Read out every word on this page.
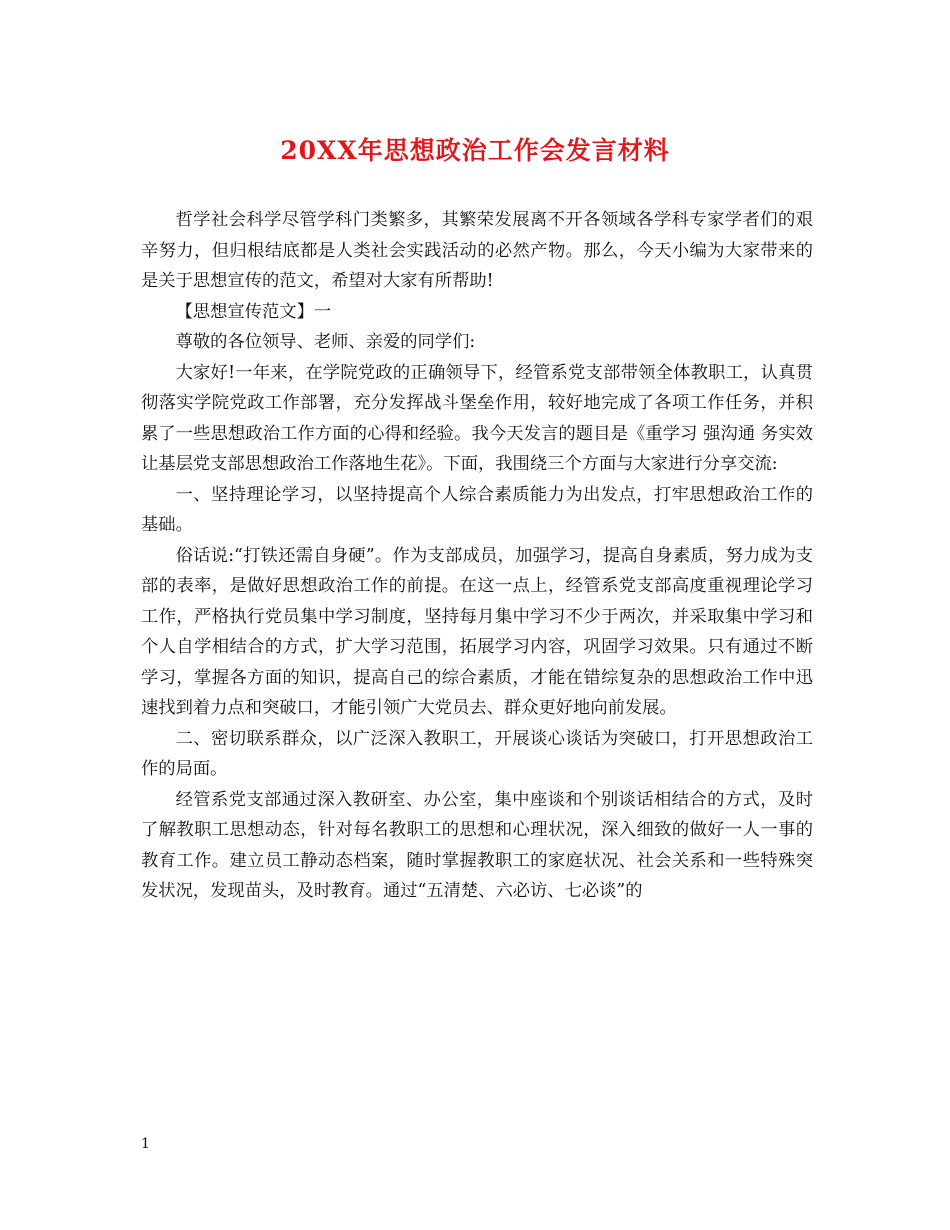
20XX年思想政治工作会发言材料

哲学社会科学尽管学科门类繁多，其繁荣发展离不开各领域各学科专家学者们的艰辛努力，但归根结底都是人类社会实践活动的必然产物。那么，今天小编为大家带来的是关于思想宣传的范文，希望对大家有所帮助!

【思想宣传范文】一

尊敬的各位领导、老师、亲爱的同学们:

大家好!一年来，在学院党政的正确领导下，经管系党支部带领全体教职工，认真贯彻落实学院党政工作部署，充分发挥战斗堡垒作用，较好地完成了各项工作任务，并积累了一些思想政治工作方面的心得和经验。我今天发言的题目是《重学习 强沟通 务实效 让基层党支部思想政治工作落地生花》。下面，我围绕三个方面与大家进行分享交流:

一、坚持理论学习，以坚持提高个人综合素质能力为出发点，打牢思想政治工作的基础。

俗话说:“打铁还需自身硬”。作为支部成员，加强学习，提高自身素质，努力成为支部的表率，是做好思想政治工作的前提。在这一点上，经管系党支部高度重视理论学习工作，严格执行党员集中学习制度，坚持每月集中学习不少于两次，并采取集中学习和个人自学相结合的方式，扩大学习范围，拓展学习内容，巩固学习效果。只有通过不断学习，掌握各方面的知识，提高自己的综合素质，才能在错综复杂的思想政治工作中迅速找到着力点和突破口，才能引领广大党员去、群众更好地向前发展。

二、密切联系群众，以广泛深入教职工，开展谈心谈话为突破口，打开思想政治工作的局面。

经管系党支部通过深入教研室、办公室，集中座谈和个别谈话相结合的方式，及时了解教职工思想动态，针对每名教职工的思想和心理状况，深入细致的做好一人一事的教育工作。建立员工静动态档案，随时掌握教职工的家庭状况、社会关系和一些特殊突发状况，发现苗头，及时教育。通过“五清楚、六必访、七必谈”的

1
